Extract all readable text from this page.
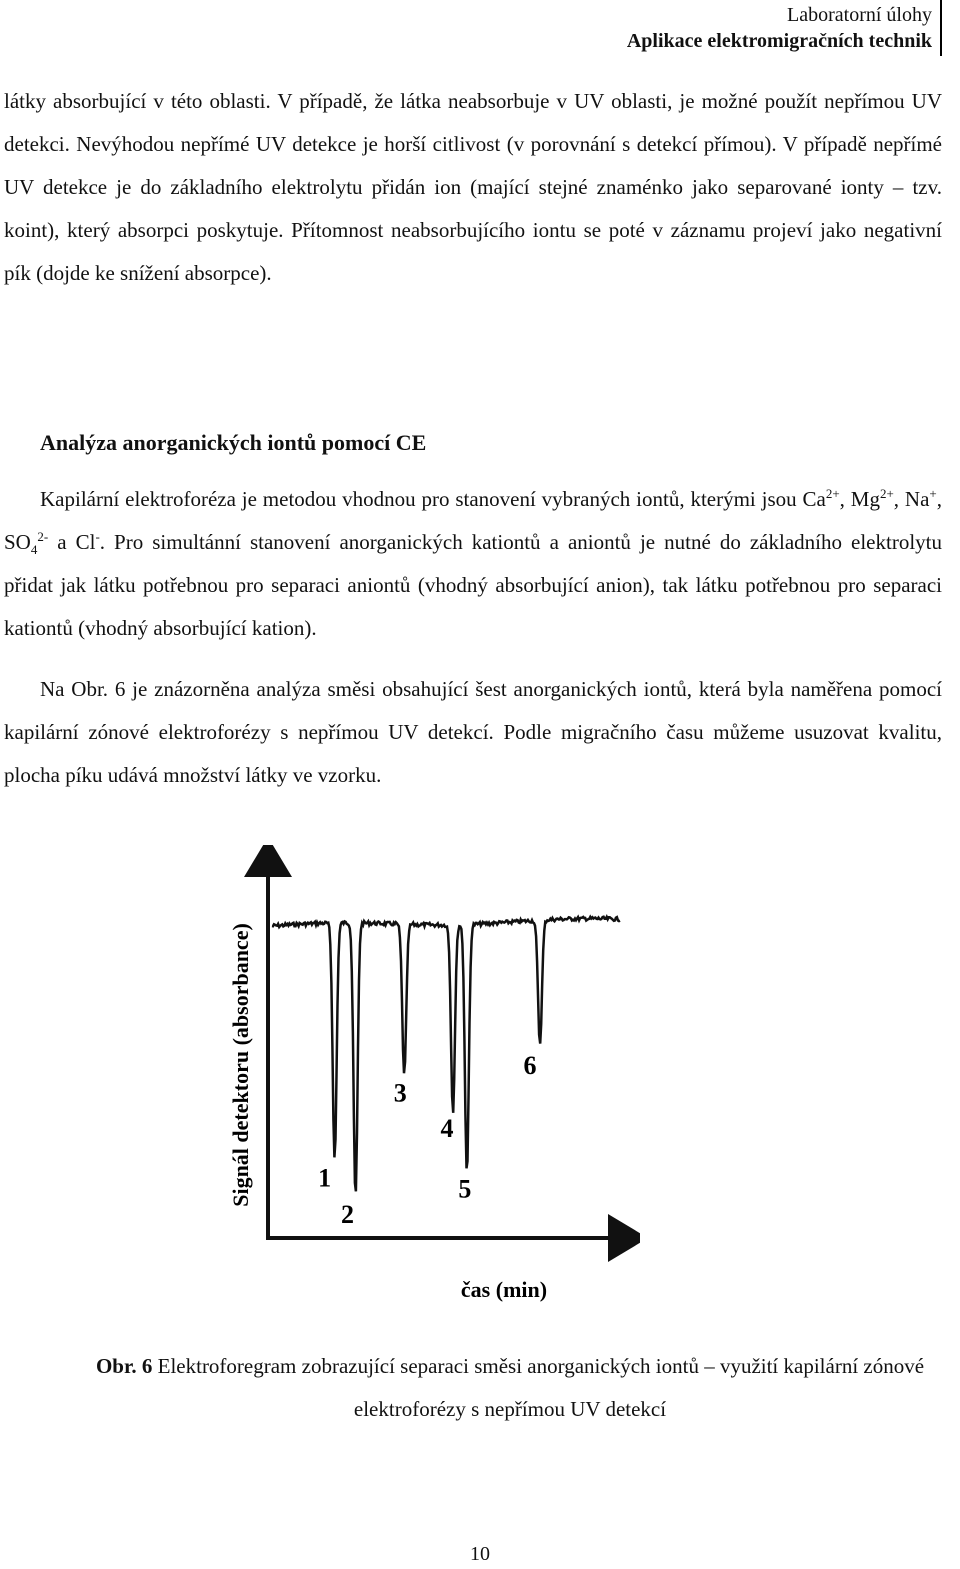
Laboratorní úlohy
Aplikace elektromigračních technik
látky absorbující v této oblasti. V případě, že látka neabsorbuje v UV oblasti, je možné použít nepřímou UV detekci. Nevýhodou nepřímé UV detekce je horší citlivost (v porovnání s detekcí přímou). V případě nepřímé UV detekce je do základního elektrolytu přidán ion (mající stejné znaménko jako separované ionty – tzv. koint), který absorpci poskytuje. Přítomnost neabsorbujícího iontu se poté v záznamu projeví jako negativní pík (dojde ke snížení absorpce).
Analýza anorganických iontů pomocí CE
Kapilární elektroforéza je metodou vhodnou pro stanovení vybraných iontů, kterými jsou $Ca^{2+}$, $Mg^{2+}$, Na+, $SO_4^{2-}$ a Cl-. Pro simultánní stanovení anorganických kationtů a aniontů je nutné do základního elektrolytu přidat jak látku potřebnou pro separaci aniontů (vhodný absorbující anion), tak látku potřebnou pro separaci kationtů (vhodný absorbující kation).
Na Obr. 6 je znázorněna analýza směsi obsahující šest anorganických iontů, která byla naměřena pomocí kapilární zónové elektroforézy s nepřímou UV detekcí. Podle migračního času můžeme usuzovat kvalitu, plocha píku udává množství látky ve vzorku.
Signál detektoru (absorbance)
čas (min)
1
2
3
4
5
6
Obr. 6 Elektroforegram zobrazující separaci směsi anorganických iontů – využití kapilární zónové elektroforézy s nepřímou UV detekcí
10
